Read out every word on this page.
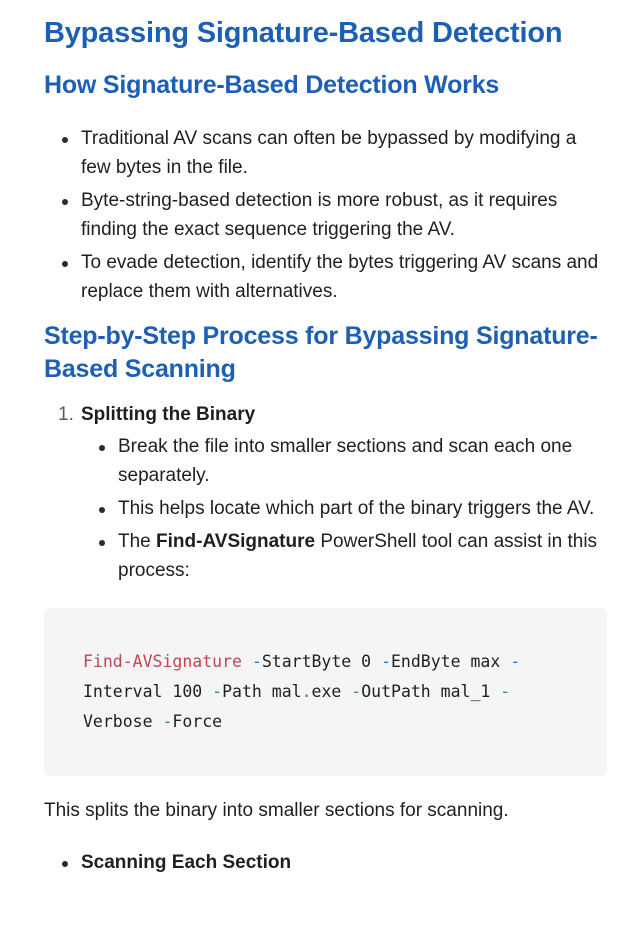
Bypassing Signature-Based Detection
How Signature-Based Detection Works
Traditional AV scans can often be bypassed by modifying a few bytes in the file.
Byte-string-based detection is more robust, as it requires finding the exact sequence triggering the AV.
To evade detection, identify the bytes triggering AV scans and replace them with alternatives.
Step-by-Step Process for Bypassing Signature-Based Scanning
1. Splitting the Binary
Break the file into smaller sections and scan each one separately.
This helps locate which part of the binary triggers the AV.
The Find-AVSignature PowerShell tool can assist in this process:
Find-AVSignature -StartByte 0 -EndByte max -
Interval 100 -Path mal.exe -OutPath mal_1 -
Verbose -Force

This splits the binary into smaller sections for scanning.

Scanning Each Section
